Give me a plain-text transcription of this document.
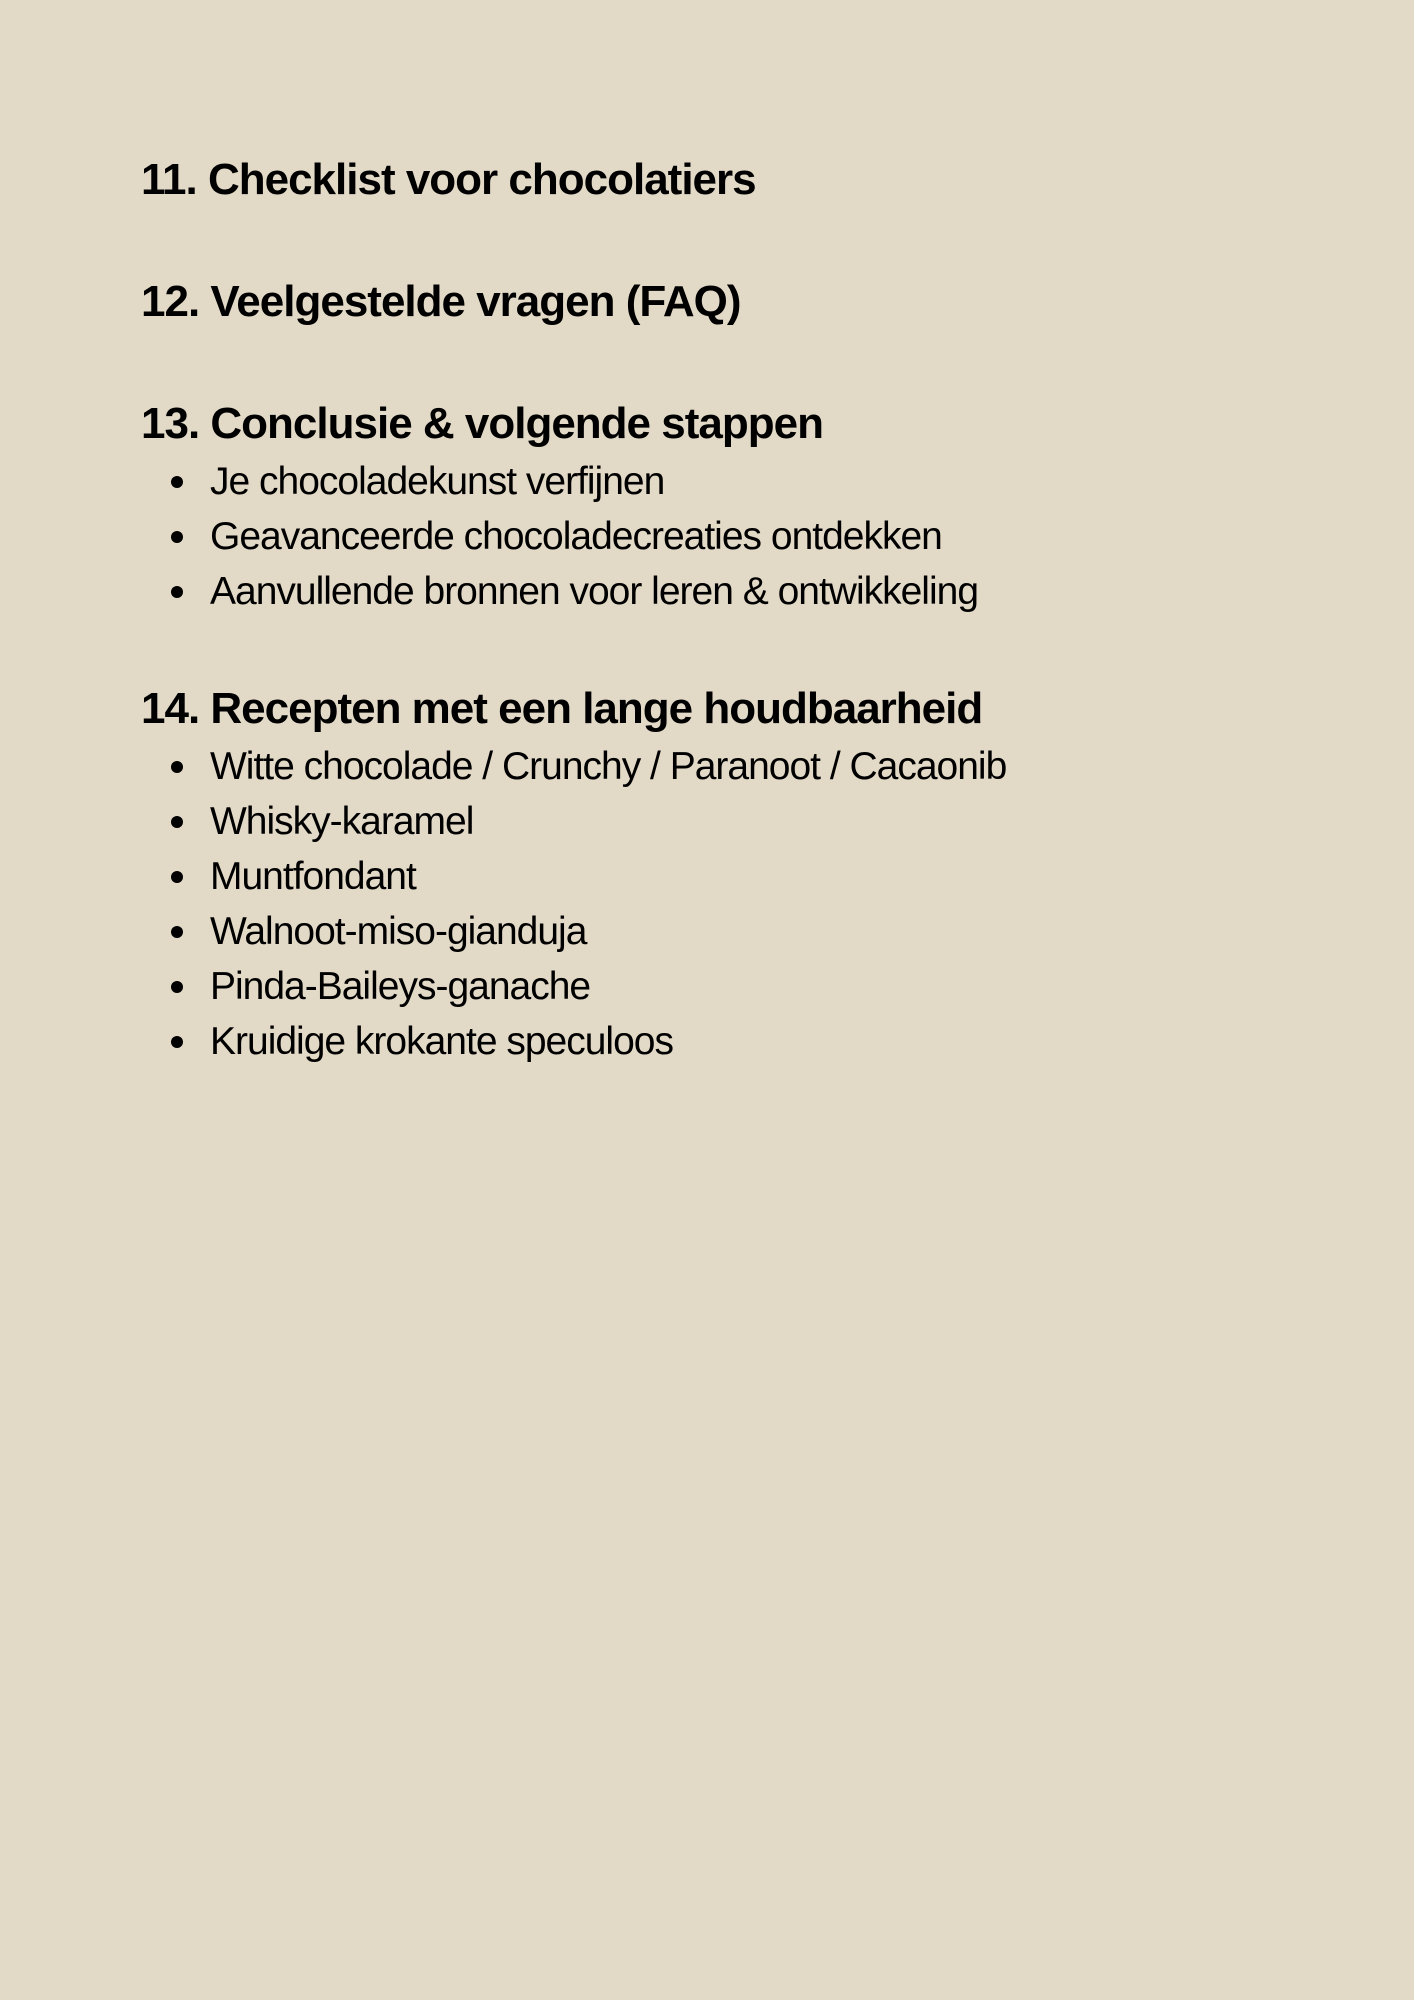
11. Checklist voor chocolatiers
12. Veelgestelde vragen (FAQ)
13. Conclusie & volgende stappen
Je chocoladekunst verfijnen
Geavanceerde chocoladecreaties ontdekken
Aanvullende bronnen voor leren & ontwikkeling
14. Recepten met een lange houdbaarheid
Witte chocolade / Crunchy / Paranoot / Cacaonib
Whisky-karamel
Muntfondant
Walnoot-miso-gianduja
Pinda-Baileys-ganache
Kruidige krokante speculoos
